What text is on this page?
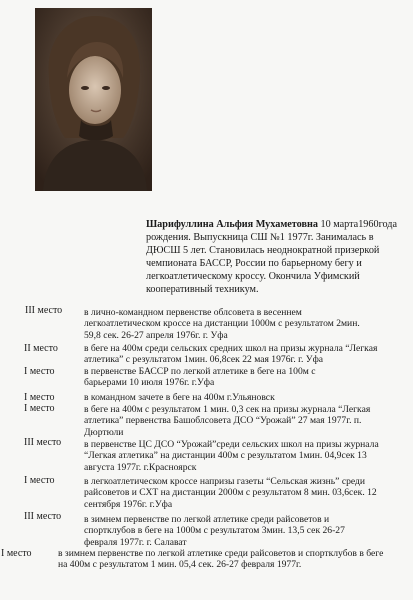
Шарифуллина Альфия Мухаметовна 10 марта1960года рождения. Выпускница СШ №1 1977г. Занималась в ДЮСШ 5 лет. Становилась неоднократной призеркой чемпионата БАССР, России по барьерному бегу и легкоатлетическому кроссу. Окончила Уфимский кооперативный техникум.
III место в лично-командном первенстве облсовета в весеннем легкоатлетическом кроссе на дистанции 1000м с результатом 2мин. 59,8 сек. 26-27 апреля 1976г. г. Уфа
II место	в беге на 400м среди сельских средних школ на призы журнала “Легкая атлетика” с результатом 1мин. 06,8сек 22 мая 1976г. г. Уфа
I место	в первенстве БАССР по легкой атлетике в беге на 100м с барьерами 10 июля 1976г. г.Уфа
I место	в командном зачете в беге на 400м г.Ульяновск
I место	в беге на 400м с результатом 1 мин. 0,3 сек на призы журнала “Легкая атлетика” первенства Башоблсовета ДСО “Урожай” 27 мая 1977г. п. Дюртюли
III место в первенстве ЦС ДСО “Урожай”среди сельских школ на призы журнала “Легкая атлетика” на дистанции 400м с результатом 1мин. 04,9сек 13 августа 1977г. г.Красноярск
I место	в легкоатлетическом кроссе напризы газеты “Сельская жизнь” среди райсоветов и СХТ на дистанции 2000м с результатом 8 мин. 03,6сек. 12 сентября 1976г. г.Уфа
III место в зимнем первенстве по легкой атлетике среди райсоветов и спортклубов в беге на 1000м с результатом 3мин. 13,5 сек 26-27 февраля 1977г. г. Салават
I место	в зимнем первенстве по легкой атлетике среди райсоветов и спортклубов в беге на 400м с результатом 1 мин. 05,4 сек. 26-27 февраля 1977г.
